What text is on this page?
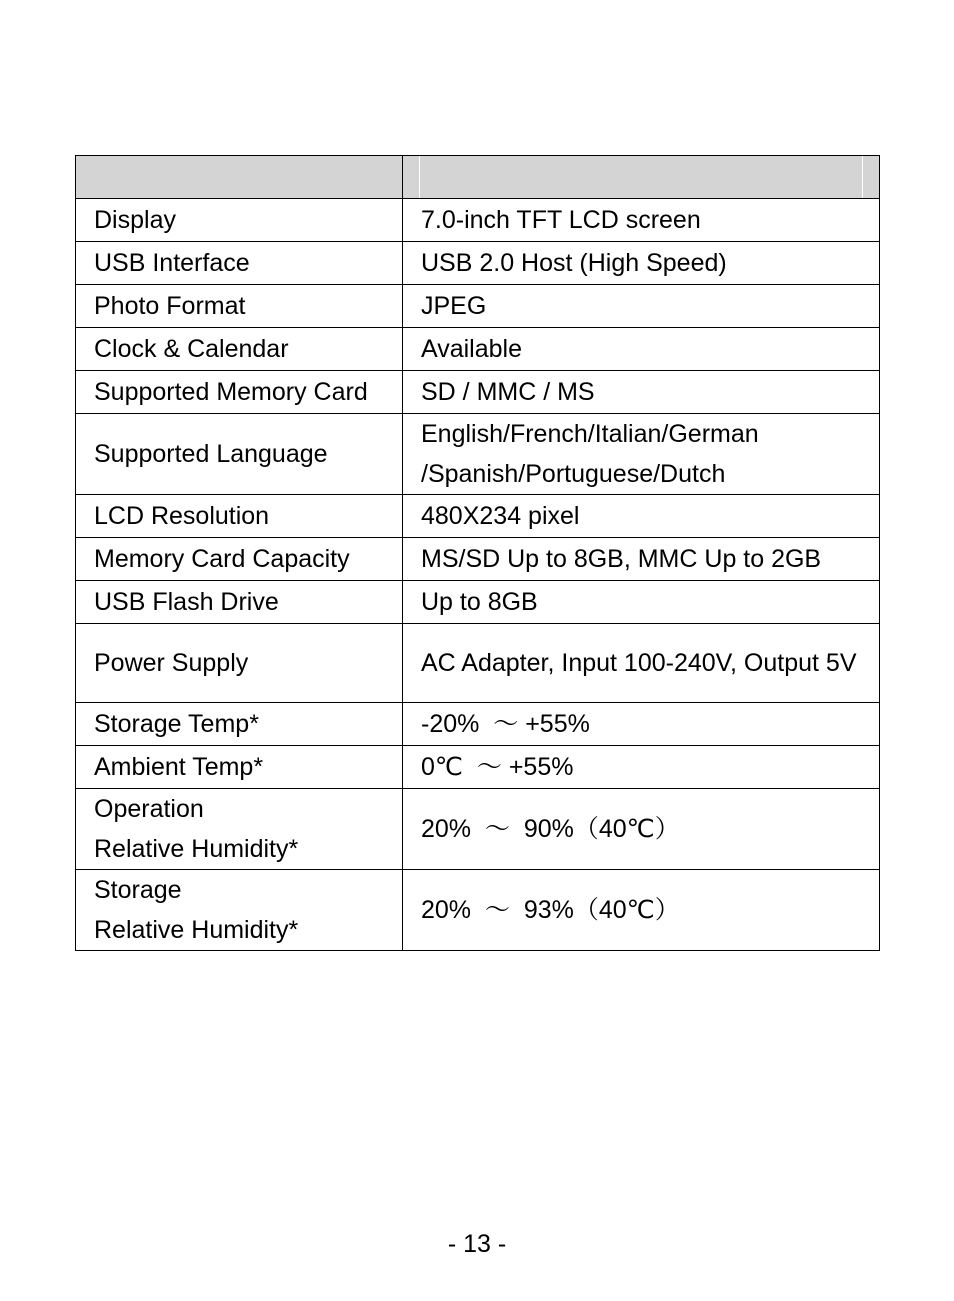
Display	7.0-inch TFT LCD screen
USB Interface	USB 2.0 Host (High Speed)
Photo Format	JPEG
Clock & Calendar	Available
Supported Memory Card	SD / MMC / MS
Supported Language	English/French/Italian/German
/Spanish/Portuguese/Dutch

LCD Resolution	480X234 pixel
Memory Card Capacity	MS/SD Up to 8GB, MMC Up to 2GB
USB Flash Drive	Up to 8GB
Power Supply	AC Adapter, Input 100-240V, Output 5V
Storage Temp*	-20%  ～ +55%
Ambient Temp*	0℃  ～ +55%

Operation
Relative Humidity*	20%  ～  90%（40℃）

Storage
Relative Humidity*	20%  ～  93%（40℃）
- 13 -
